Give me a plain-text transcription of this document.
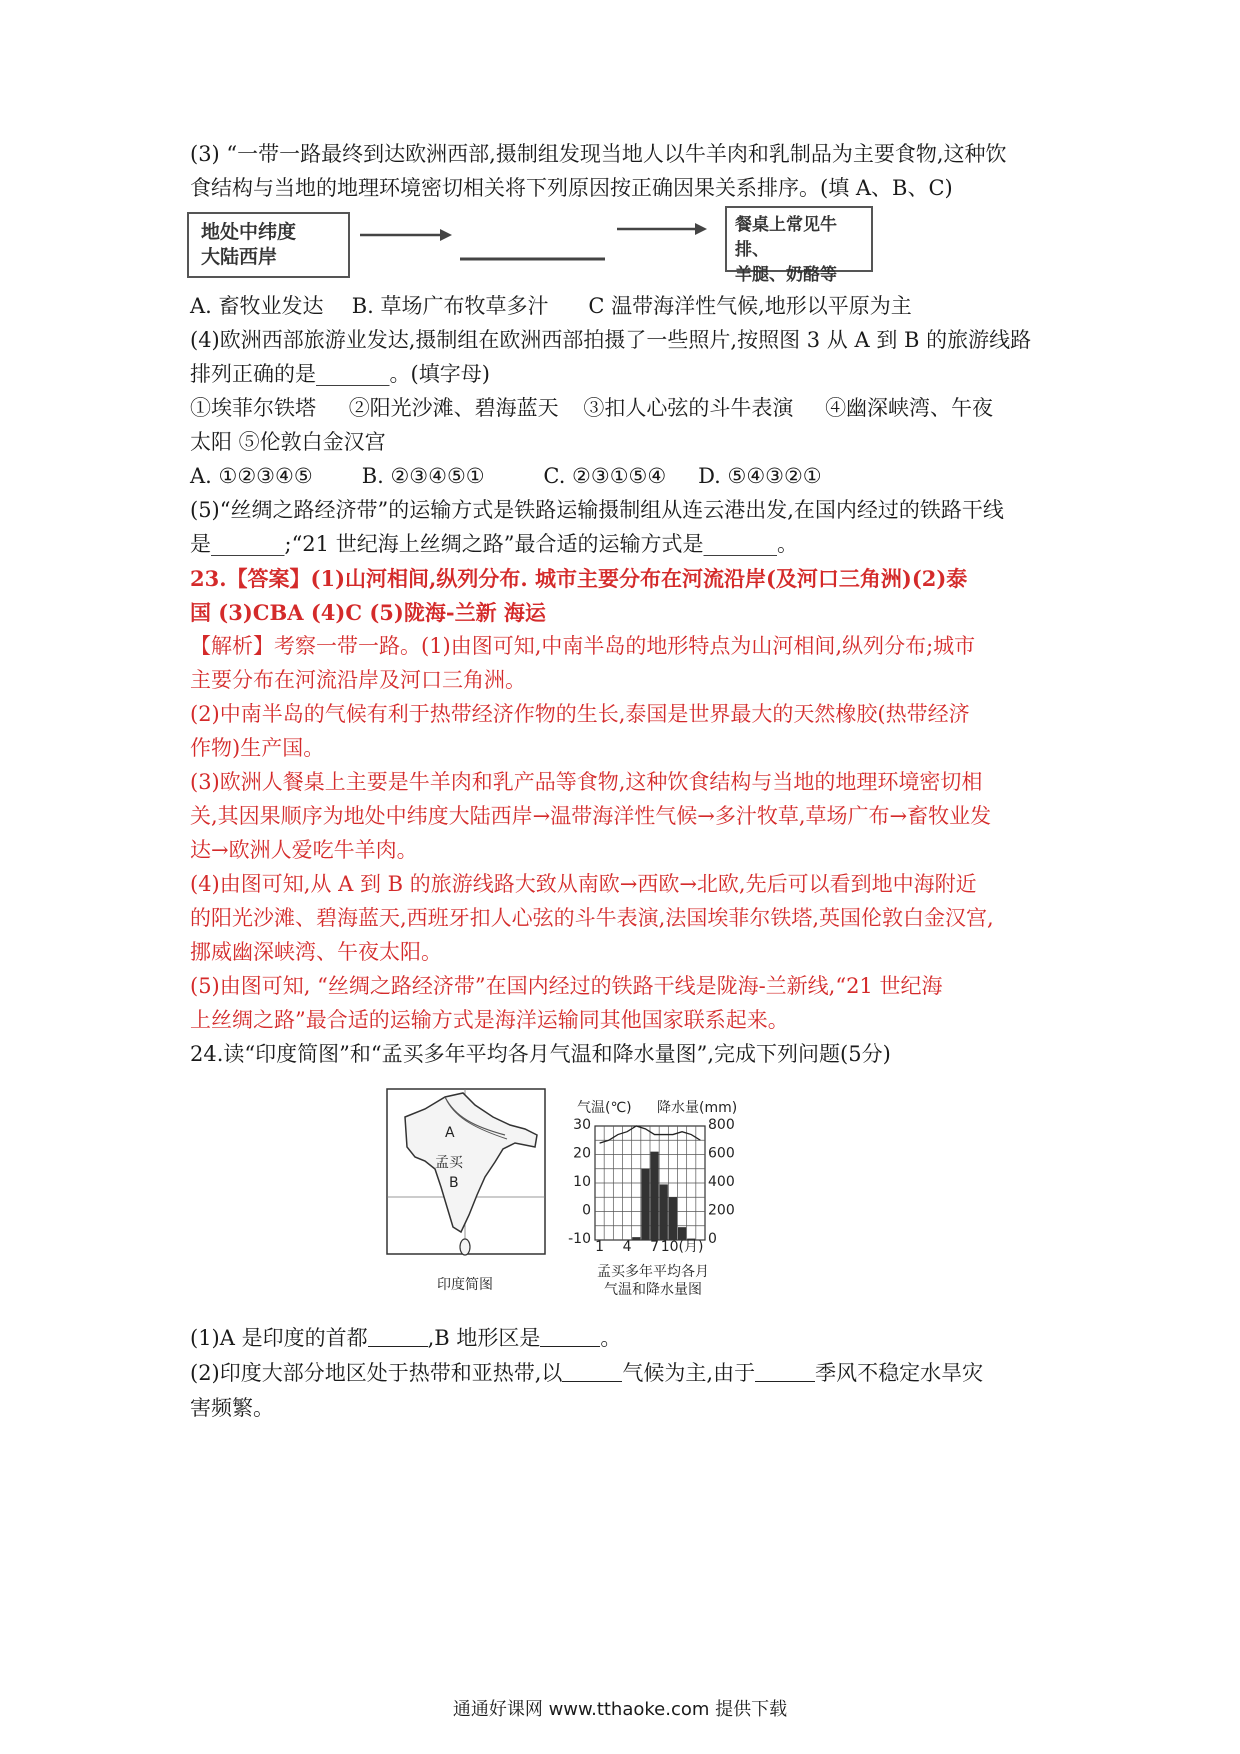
(3) “一带一路最终到达欧洲西部,摄制组发现当地人以牛羊肉和乳制品为主要食物,这种饮

食结构与当地的地理环境密切相关将下列原因按正确因果关系排序。(填 A、B、C)

地处中纬度
大陆西岸
餐桌上常见牛排、
羊腿、奶酪等
A. 畜牧业发达 B. 草场广布牧草多汁 C 温带海洋性气候,地形以平原为主

(4)欧洲西部旅游业发达,摄制组在欧洲西部拍摄了一些照片,按照图 3 从 A 到 B 的旅游线路

排列正确的是_______。(填字母)

①埃菲尔铁塔 ②阳光沙滩、碧海蓝天 ③扣人心弦的斗牛表演 ④幽深峡湾、午夜

太阳 ⑤伦敦白金汉宫

A. ①②③④⑤ B. ②③④⑤①	C. ②③①⑤④ D. ⑤④③②①

(5)“丝绸之路经济带”的运输方式是铁路运输摄制组从连云港出发,在国内经过的铁路干线

是_______;“21 世纪海上丝绸之路”最合适的运输方式是_______。

23.【答案】(1)山河相间,纵列分布. 城市主要分布在河流沿岸(及河口三角洲)(2)泰

国 (3)CBA (4)C (5)陇海-兰新 海运

【解析】考察一带一路。(1)由图可知,中南半岛的地形特点为山河相间,纵列分布;城市

主要分布在河流沿岸及河口三角洲。

(2)中南半岛的气候有利于热带经济作物的生长,泰国是世界最大的天然橡胶(热带经济

作物)生产国。

(3)欧洲人餐桌上主要是牛羊肉和乳产品等食物,这种饮食结构与当地的地理环境密切相

关,其因果顺序为地处中纬度大陆西岸→温带海洋性气候→多汁牧草,草场广布→畜牧业发

达→欧洲人爱吃牛羊肉。

(4)由图可知,从 A 到 B 的旅游线路大致从南欧→西欧→北欧,先后可以看到地中海附近

的阳光沙滩、碧海蓝天,西班牙扣人心弦的斗牛表演,法国埃菲尔铁塔,英国伦敦白金汉宫,

挪威幽深峡湾、午夜太阳。

(5)由图可知, “丝绸之路经济带”在国内经过的铁路干线是陇海-兰新线,“21 世纪海

上丝绸之路”最合适的运输方式是海洋运输同其他国家联系起来。

24.读“印度简图”和“孟买多年平均各月气温和降水量图”,完成下列问题(5分)

A
B
孟买
印度简图
气温(℃) 降水量(mm)
30
20
10
0
-10
800
600
400
200
0
1 4 7 10(月)
孟买多年平均各月
气温和降水量图
(1)A 是印度的首都	,B 地形区是	。
(2)印度大部分地区处于热带和亚热带,以	气候为主,由于	季风不稳定水旱灾

害频繁。

通通好课网 www.tthaoke.com 提供下载
